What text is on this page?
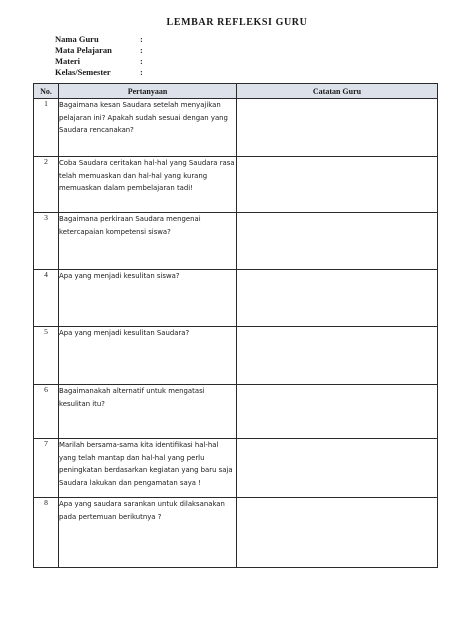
LEMBAR REFLEKSI GURU
Nama Guru	:
Mata Pelajaran	:
Materi	:
Kelas/Semester	:
No.	Pertanyaan	Catatan Guru
1	Bagaimana kesan Saudara setelah menyajikan pelajaran ini? Apakah sudah sesuai dengan yang Saudara rencanakan?	
2	Coba Saudara ceritakan hal-hal yang Saudara rasa telah memuaskan dan hal-hal yang kurang memuaskan dalam pembelajaran tadi!	
3	Bagaimana perkiraan Saudara mengenai ketercapaian kompetensi siswa?	
4	Apa yang menjadi kesulitan siswa?	
5	Apa yang menjadi kesulitan Saudara?	
6	Bagaimanakah alternatif untuk mengatasi kesulitan itu?	
7	Marilah bersama-sama kita identifikasi hal-hal yang telah mantap dan hal-hal yang perlu peningkatan berdasarkan kegiatan yang baru saja Saudara lakukan dan pengamatan saya !	
8	Apa yang saudara sarankan untuk dilaksanakan pada pertemuan berikutnya ?	
